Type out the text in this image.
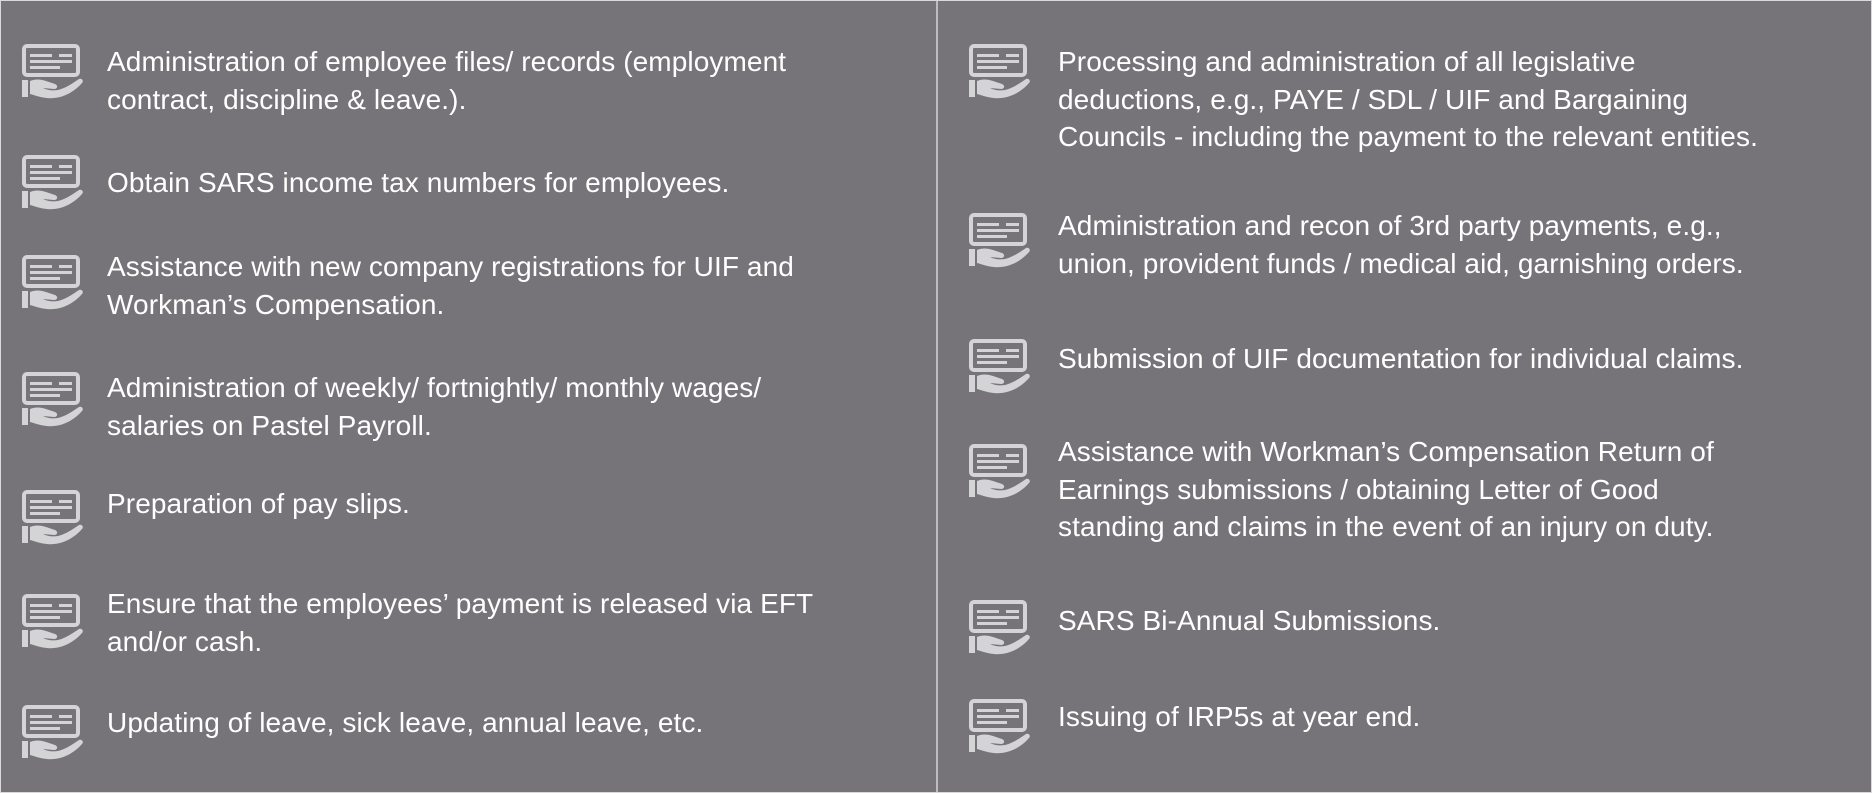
Administration of employee files/ records (employment
contract, discipline & leave.).
Obtain SARS income tax numbers for employees.
Assistance with new company registrations for UIF and
Workman’s Compensation.
Administration of weekly/ fortnightly/ monthly wages/
salaries on Pastel Payroll.
Preparation of pay slips.
Ensure that the employees’ payment is released via EFT
and/or cash.
Updating of leave, sick leave, annual leave, etc.
Processing and administration of all legislative
deductions, e.g., PAYE / SDL / UIF and Bargaining
Councils - including the payment to the relevant entities.
Administration and recon of 3rd party payments, e.g.,
union, provident funds / medical aid, garnishing orders.
Submission of UIF documentation for individual claims.
Assistance with Workman’s Compensation Return of
Earnings submissions / obtaining Letter of Good
standing and claims in the event of an injury on duty.
SARS Bi-Annual Submissions.
Issuing of IRP5s at year end.
